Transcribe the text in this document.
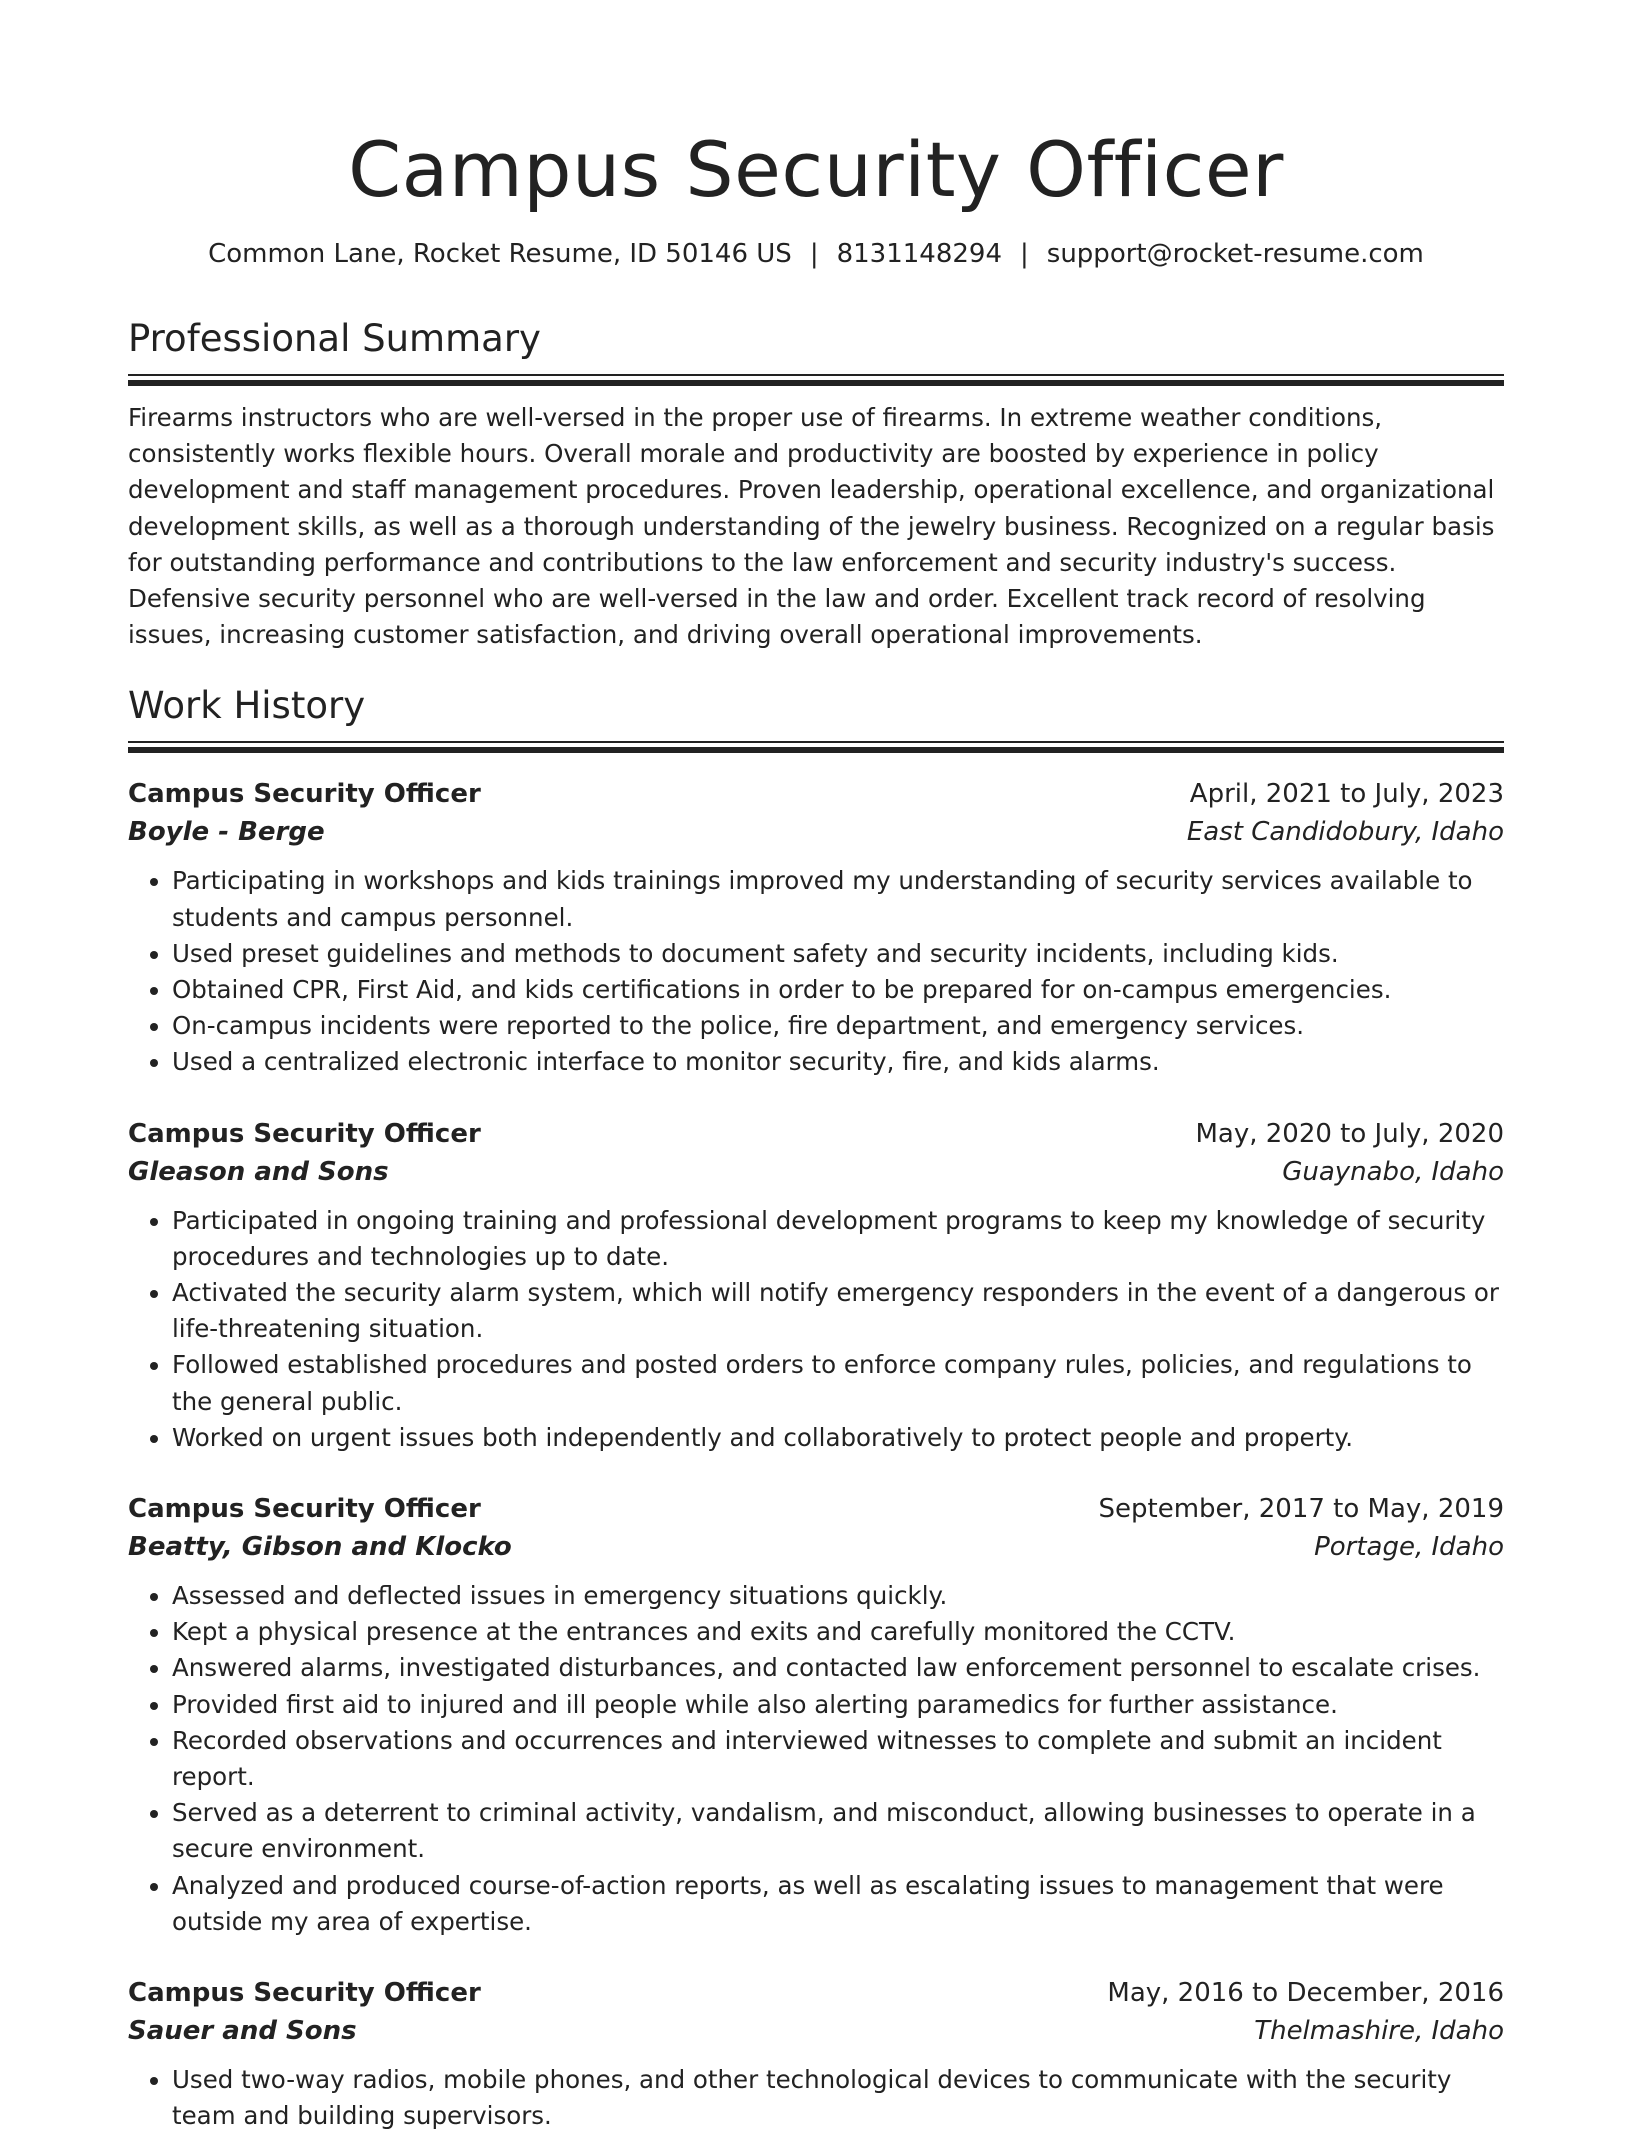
Campus Security Officer
Common Lane, Rocket Resume, ID 50146 US | 8131148294 | support@rocket-resume.com
Professional Summary

Firearms instructors who are well-versed in the proper use of firearms. In extreme weather conditions, consistently works flexible hours. Overall morale and productivity are boosted by experience in policy development and staff management procedures. Proven leadership, operational excellence, and organizational development skills, as well as a thorough understanding of the jewelry business. Recognized on a regular basis for outstanding performance and contributions to the law enforcement and security industry's success. Defensive security personnel who are well-versed in the law and order. Excellent track record of resolving issues, increasing customer satisfaction, and driving overall operational improvements.

Work History
Campus Security Officer	April, 2021 to July, 2023
Boyle - Berge	East Candidobury, Idaho
• Participating in workshops and kids trainings improved my understanding of security services available to students and campus personnel.
• Used preset guidelines and methods to document safety and security incidents, including kids.
• Obtained CPR, First Aid, and kids certifications in order to be prepared for on-campus emergencies.
• On-campus incidents were reported to the police, fire department, and emergency services.
• Used a centralized electronic interface to monitor security, fire, and kids alarms.
Campus Security Officer	May, 2020 to July, 2020
Gleason and Sons	Guaynabo, Idaho
• Participated in ongoing training and professional development programs to keep my knowledge of security procedures and technologies up to date.
• Activated the security alarm system, which will notify emergency responders in the event of a dangerous or life-threatening situation.
• Followed established procedures and posted orders to enforce company rules, policies, and regulations to the general public.
• Worked on urgent issues both independently and collaboratively to protect people and property.
Campus Security Officer	September, 2017 to May, 2019
Beatty, Gibson and Klocko	Portage, Idaho
• Assessed and deflected issues in emergency situations quickly.
• Kept a physical presence at the entrances and exits and carefully monitored the CCTV.
• Answered alarms, investigated disturbances, and contacted law enforcement personnel to escalate crises.
• Provided first aid to injured and ill people while also alerting paramedics for further assistance.
• Recorded observations and occurrences and interviewed witnesses to complete and submit an incident report.
• Served as a deterrent to criminal activity, vandalism, and misconduct, allowing businesses to operate in a secure environment.
• Analyzed and produced course-of-action reports, as well as escalating issues to management that were outside my area of expertise.
Campus Security Officer	May, 2016 to December, 2016
Sauer and Sons	Thelmashire, Idaho
• Used two-way radios, mobile phones, and other technological devices to communicate with the security team and building supervisors.
